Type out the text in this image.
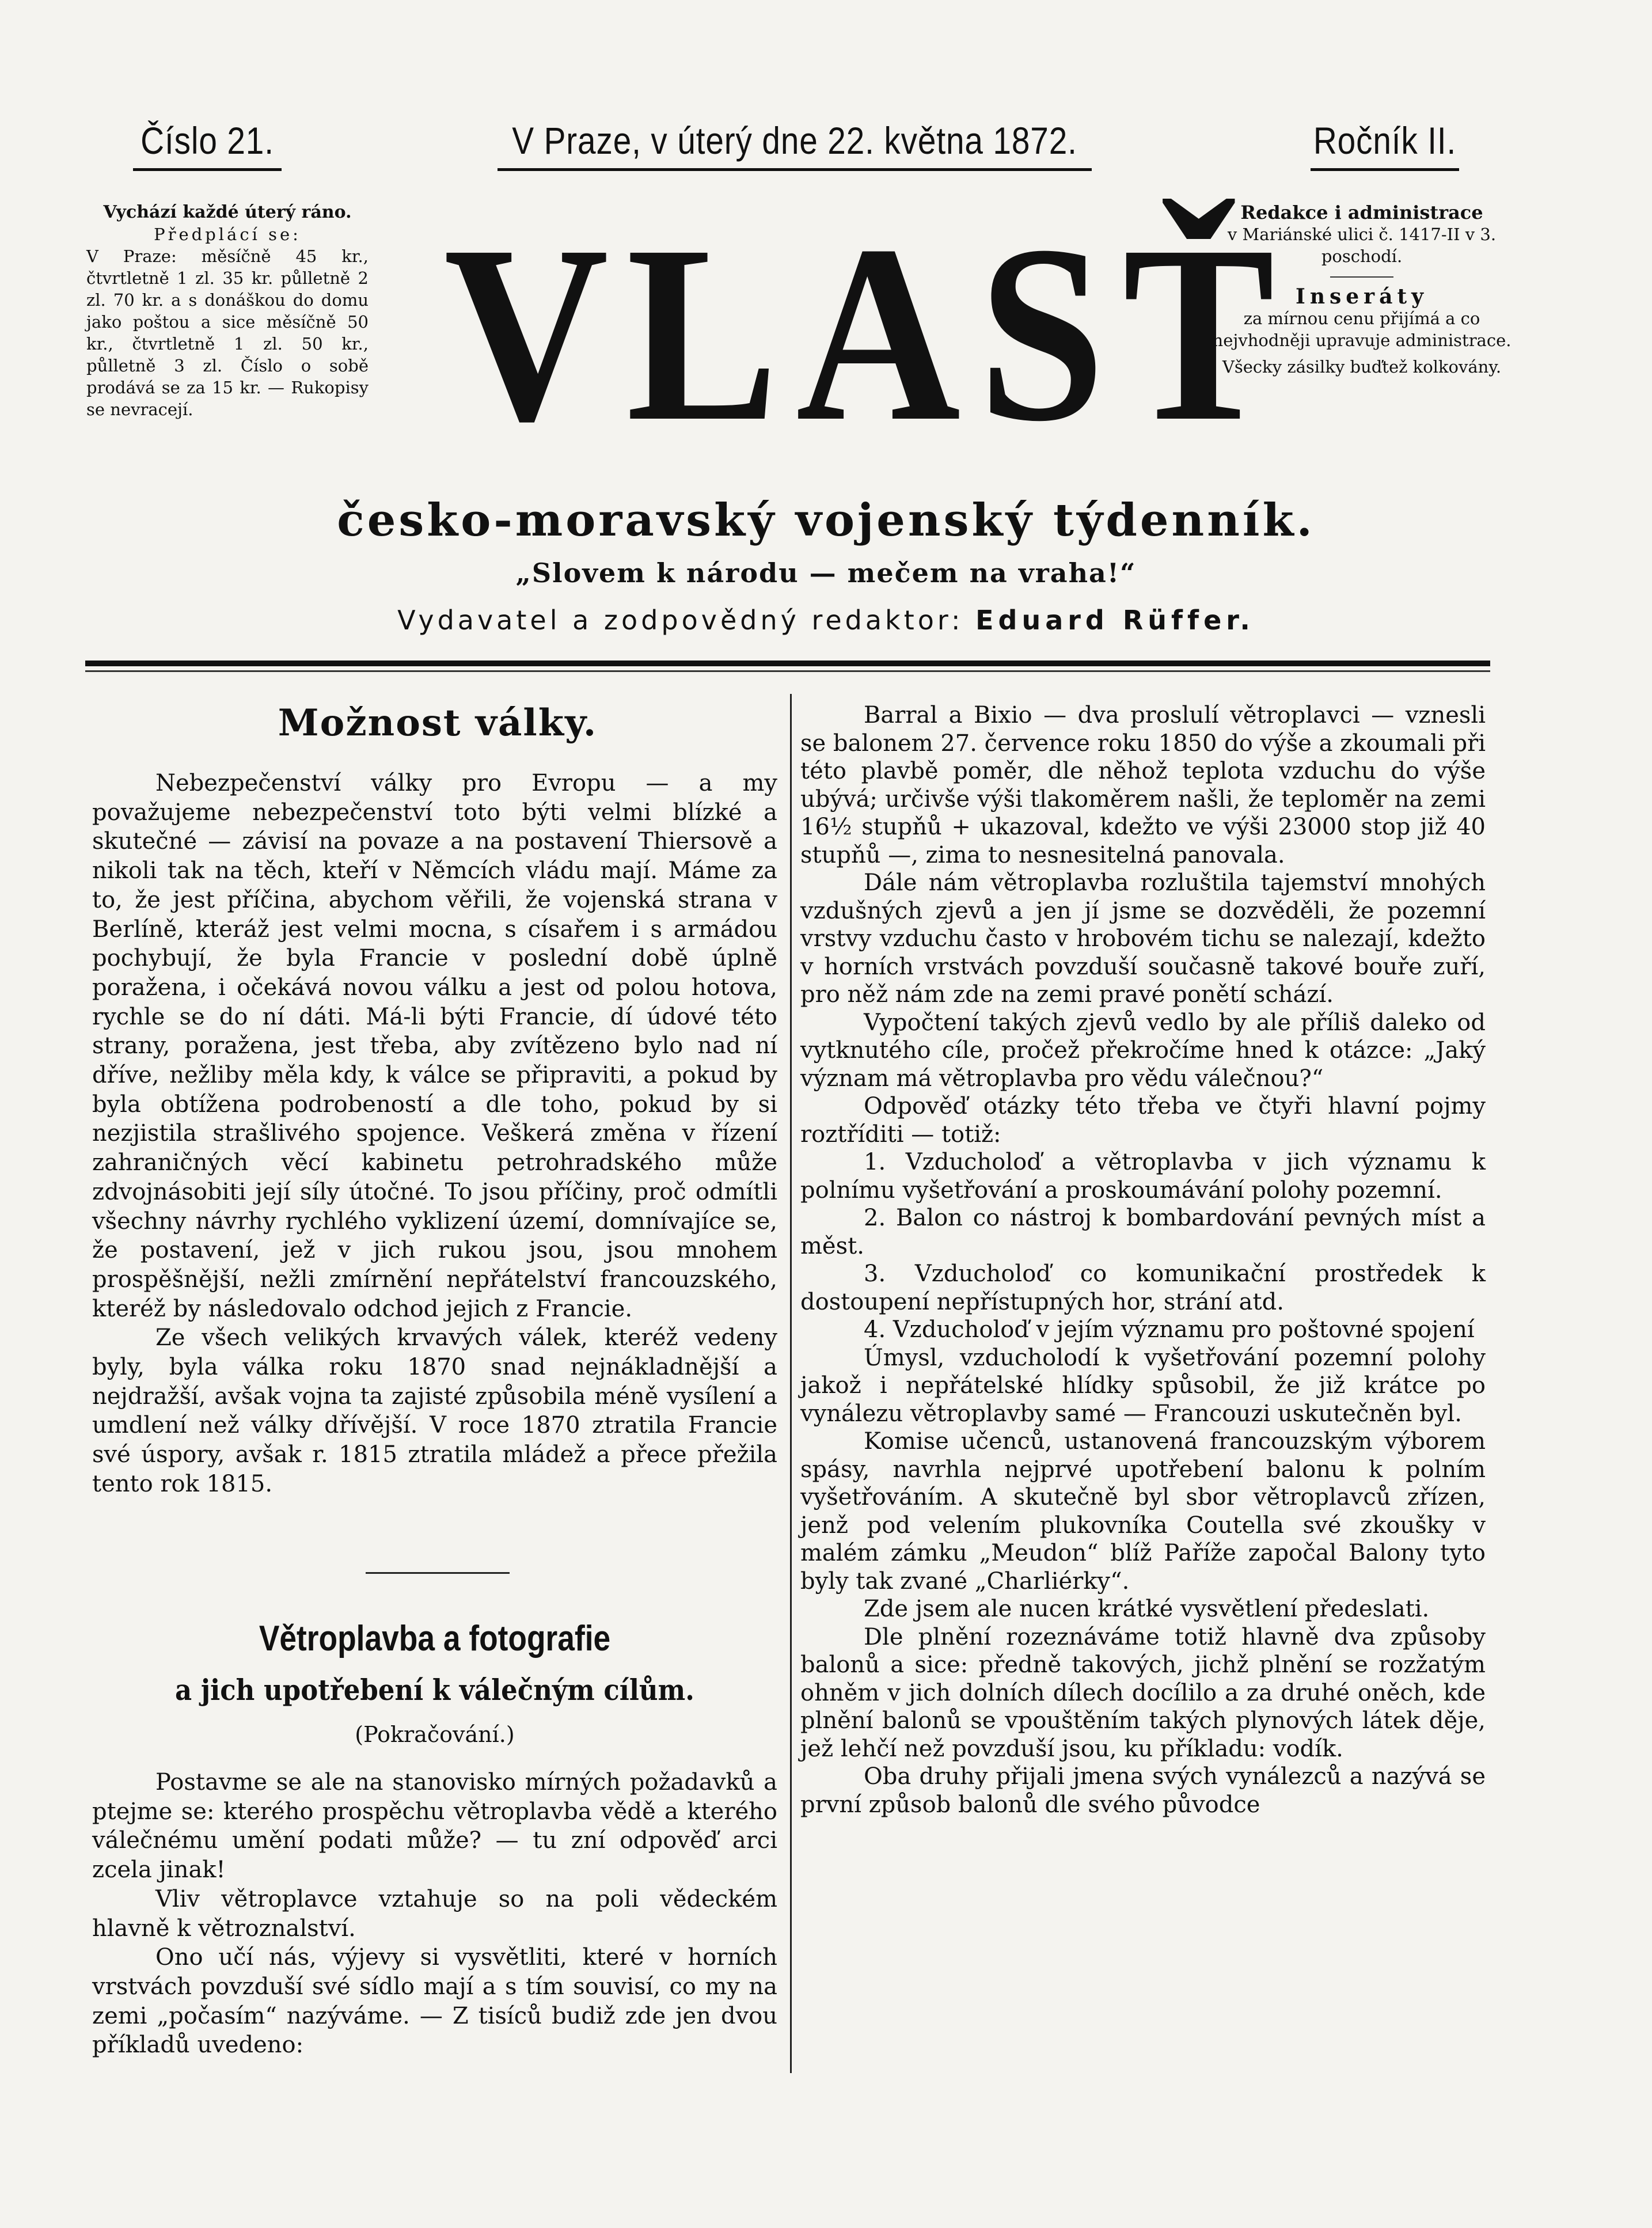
Číslo 21.	V Praze, v úterý dne 22. května 1872.	Ročník II.
Vychází každé úterý ráno.
Předplácí se:
V Praze: měsíčně 45 kr., čtvrtletně 1 zl. 35 kr. půlletně 2 zl. 70 kr. a s donáškou do domu jako poštou a sice měsíčně 50 kr., čtvrtletně 1 zl. 50 kr., půlletně 3 zl. Číslo o sobě prodává se za 15 kr. — Rukopisy se nevracejí. VLASŤ
Redakce i administrace
v Mariánské ulici č. 1417-II v 3. poschodí.
Inseráty
za mírnou cenu přijímá a co nejvhodněji upravuje administrace.
Všecky zásilky buďtež kolkovány.
česko-moravský vojenský týdenník.
„Slovem k národu — mečem na vraha!“
Vydavatel a zodpovědný redaktor: Eduard Rüffer.
Možnost války.

Nebezpečenství války pro Evropu — a my považujeme nebezpečenství toto býti velmi blízké a skutečné — závisí na povaze a na postavení Thiersově a nikoli tak na těch, kteří v Němcích vládu mají. Máme za to, že jest příčina, abychom věřili, že vojenská strana v Berlíně, kteráž jest velmi mocna, s císařem i s armádou pochybují, že byla Francie v poslední době úplně poražena, i očekává novou válku a jest od polou hotova, rychle se do ní dáti. Má-li býti Francie, dí údové této strany, poražena, jest třeba, aby zvítězeno bylo nad ní dříve, nežliby měla kdy, k válce se připraviti, a pokud by byla obtížena podrobeností a dle toho, pokud by si nezjistila strašlivého spojence. Veškerá změna v řízení zahraničných věcí kabinetu petrohradského může zdvojnásobiti její síly útočné. To jsou příčiny, proč odmítli všechny návrhy rychlého vyklizení území, domnívajíce se, že postavení, jež v jich rukou jsou, jsou mnohem prospěšnější, nežli zmírnění nepřátelství francouzského, kteréž by následovalo odchod jejich z Francie.

Ze všech velikých krvavých válek, kteréž vedeny byly, byla válka roku 1870 snad nejnákladnější a nejdražší, avšak vojna ta zajisté způsobila méně vysílení a umdlení než války dřívější. V roce 1870 ztratila Francie své úspory, avšak r. 1815 ztratila mládež a přece přežila tento rok 1815.

Větroplavba a fotografie
a jich upotřebení k válečným cílům.
(Pokračování.)

Postavme se ale na stanovisko mírných požadavků a ptejme se: kterého prospěchu větroplavba vědě a kterého válečnému umění podati může? — tu zní odpověď arci zcela jinak!

Vliv větroplavce vztahuje so na poli vědeckém hlavně k větroznalství.

Ono učí nás, výjevy si vysvětliti, které v horních vrstvách povzduší své sídlo mají a s tím souvisí, co my na zemi „počasím“ nazýváme. — Z tisíců budiž zde jen dvou příkladů uvedeno:

Barral a Bixio — dva proslulí větroplavci — vznesli se balonem 27. července roku 1850 do výše a zkoumali při této plavbě poměr, dle něhož teplota vzduchu do výše ubývá; určivše výši tlakoměrem našli, že teploměr na zemi 16½ stupňů + ukazoval, kdežto ve výši 23000 stop již 40 stupňů —, zima to nesnesitelná panovala.

Dále nám větroplavba rozluštila tajemství mnohých vzdušných zjevů a jen jí jsme se dozvěděli, že pozemní vrstvy vzduchu často v hrobovém tichu se nalezají, kdežto v horních vrstvách povzduší současně takové bouře zuří, pro něž nám zde na zemi pravé ponětí schází.

Vypočtení takých zjevů vedlo by ale příliš daleko od vytknutého cíle, pročež překročíme hned k otázce: „Jaký význam má větroplavba pro vědu válečnou?“

Odpověď otázky této třeba ve čtyři hlavní pojmy roztříditi — totiž:

1. Vzducholoď a větroplavba v jich významu k polnímu vyšetřování a proskoumávání polohy pozemní.

2. Balon co nástroj k bombardování pevných míst a měst.

3. Vzducholoď co komunikační prostředek k dostoupení nepřístupných hor, strání atd.

4. Vzducholoď v jejím významu pro poštovné spojení

Úmysl, vzducholodí k vyšetřování pozemní polohy jakož i nepřátelské hlídky spůsobil, že již krátce po vynálezu větroplavby samé — Francouzi uskutečněn byl.

Komise učenců, ustanovená francouzským výborem spásy, navrhla nejprvé upotřebení balonu k polním vyšetřováním. A skutečně byl sbor větroplavců zřízen, jenž pod velením plukovníka Coutella své zkoušky v malém zámku „Meudon“ blíž Paříže započal Balony tyto byly tak zvané „Charliérky“.

Zde jsem ale nucen krátké vysvětlení předeslati.

Dle plnění rozeznáváme totiž hlavně dva způsoby balonů a sice: předně takových, jichž plnění se rozžatým ohněm v jich dolních dílech docílilo a za druhé oněch, kde plnění balonů se vpouštěním takých plynových látek děje, jež lehčí než povzduší jsou, ku příkladu: vodík.

Oba druhy přijali jmena svých vynálezců a nazývá se první způsob balonů dle svého původce
